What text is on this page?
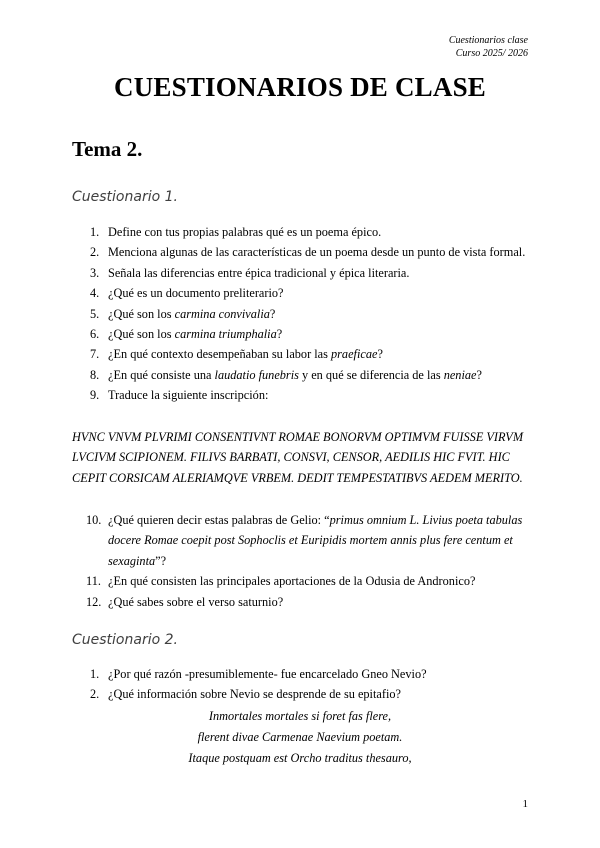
Cuestionarios clase
Curso 2025/ 2026
CUESTIONARIOS DE CLASE
Tema 2.
Cuestionario 1.
1. Define con tus propias palabras qué es un poema épico.
2. Menciona algunas de las características de un poema desde un punto de vista formal.
3. Señala las diferencias entre épica tradicional y épica literaria.
4. ¿Qué es un documento preliterario?
5. ¿Qué son los carmina convivalia?
6. ¿Qué son los carmina triumphalia?
7. ¿En qué contexto desempeñaban su labor las praeficae?
8. ¿En qué consiste una laudatio funebris y en qué se diferencia de las neniae?
9. Traduce la siguiente inscripción:

HVNC VNVM PLVRIMI CONSENTIVNT ROMAE BONORVM OPTIMVM FUISSE VIRVM LVCIVM SCIPIONEM. FILIVS BARBATI, CONSVI, CENSOR, AEDILIS HIC FVIT. HIC CEPIT CORSICAM ALERIAMQVE VRBEM. DEDIT TEMPESTATIBVS AEDEM MERITO.

10. ¿Qué quieren decir estas palabras de Gelio: “primus omnium L. Livius poeta tabulas docere Romae coepit post Sophoclis et Euripidis mortem annis plus fere centum et sexaginta”?
11. ¿En qué consisten las principales aportaciones de la Odusia de Andronico?
12. ¿Qué sabes sobre el verso saturnio?
Cuestionario 2.
1. ¿Por qué razón -presumiblemente- fue encarcelado Gneo Nevio?
2. ¿Qué información sobre Nevio se desprende de su epitafio?
Inmortales mortales si foret fas flere,
flerent divae Carmenae Naevium poetam.
Itaque postquam est Orcho traditus thesauro,
1
